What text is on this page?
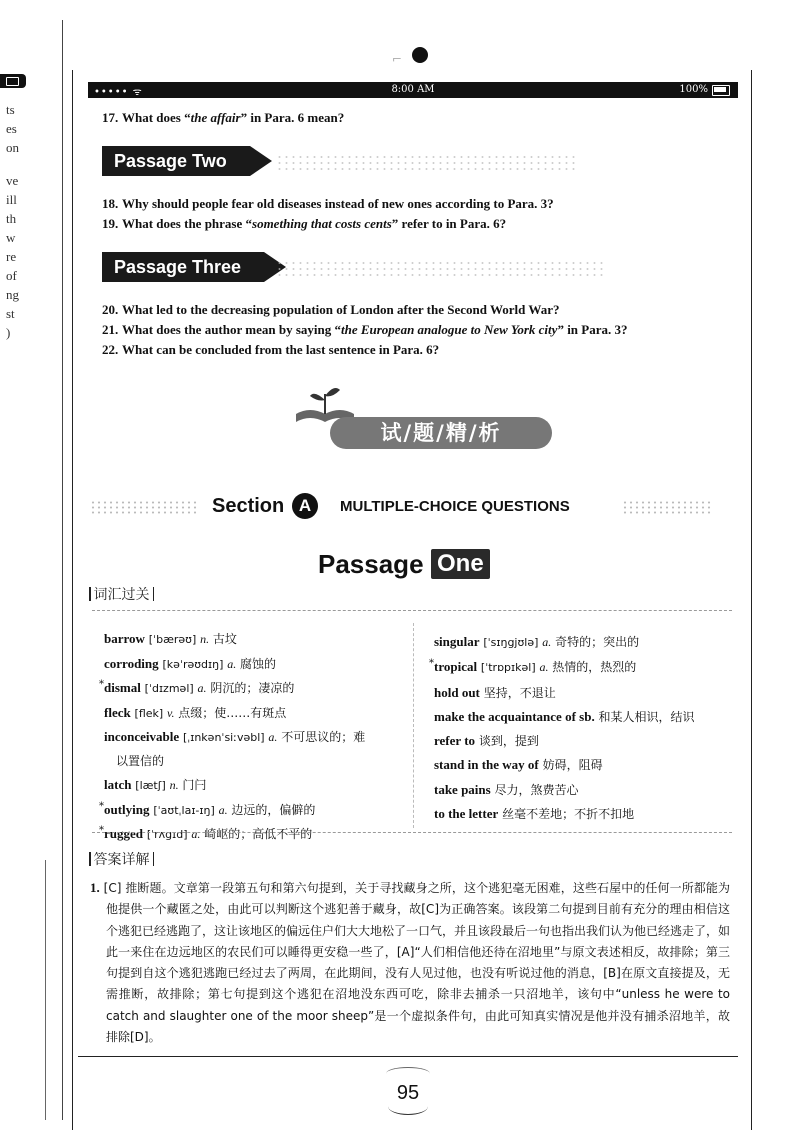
ts
es
on
ve
ill
th
w
re
of
ng
st
)
⌐
••••• ᯤ	8:00 AM	100%
17. What does “the affair” in Para. 6 mean?
Passage Two
18. Why should people fear old diseases instead of new ones according to Para. 3?
19. What does the phrase “something that costs cents” refer to in Para. 6?
Passage Three
20. What led to the decreasing population of London after the Second World War?
21. What does the author mean by saying “the European analogue to New York city” in Para. 3?
22. What can be concluded from the last sentence in Para. 6?
试/题/精/析
Section A	MULTIPLE-CHOICE QUESTIONS
Passage One
词汇过关
barrow [ˈbærəʊ] n. 古坟
corroding [kəˈrəʊdɪŋ] a. 腐蚀的
* dismal [ˈdɪzməl] a. 阴沉的；凄凉的
fleck [flek] v. 点缀；使……有斑点
inconceivable [ˌɪnkənˈsiːvəbl] a. 不可思议的；难
以置信的
latch [lætʃ] n. 门闩
* outlying [ˈaʊtˌlaɪ-ɪŋ] a. 边远的，偏僻的
* rugged [ˈrʌgɪd] a. 崎岖的；高低不平的
singular [ˈsɪŋgjʊlə] a. 奇特的；突出的
* tropical [ˈtrɒpɪkəl] a. 热情的，热烈的
hold out 坚持，不退让
make the acquaintance of sb. 和某人相识，结识
refer to 谈到，提到
stand in the way of 妨碍，阻碍
take pains 尽力，煞费苦心
to the letter 丝毫不差地；不折不扣地
答案详解
1. [C] 推断题。文章第一段第五句和第六句提到，关于寻找藏身之所，这个逃犯毫无困难，这些石屋中的任何一所都能为他提供一个藏匿之处，由此可以判断这个逃犯善于藏身，故[C]为正确答案。该段第二句提到目前有充分的理由相信这个逃犯已经逃跑了，这让该地区的偏远住户们大大地松了一口气，并且该段最后一句也指出我们认为他已经逃走了，如此一来住在边远地区的农民们可以睡得更安稳一些了，[A]“人们相信他还待在沼地里”与原文表述相反，故排除；第三句提到自这个逃犯逃跑已经过去了两周，在此期间，没有人见过他，也没有听说过他的消息，[B]在原文直接提及，无需推断，故排除；第七句提到这个逃犯在沼地没东西可吃，除非去捕杀一只沼地羊，该句中“unless he were to catch and slaughter one of the moor sheep”是一个虚拟条件句，由此可知真实情况是他并没有捕杀沼地羊，故排除[D]。
95
